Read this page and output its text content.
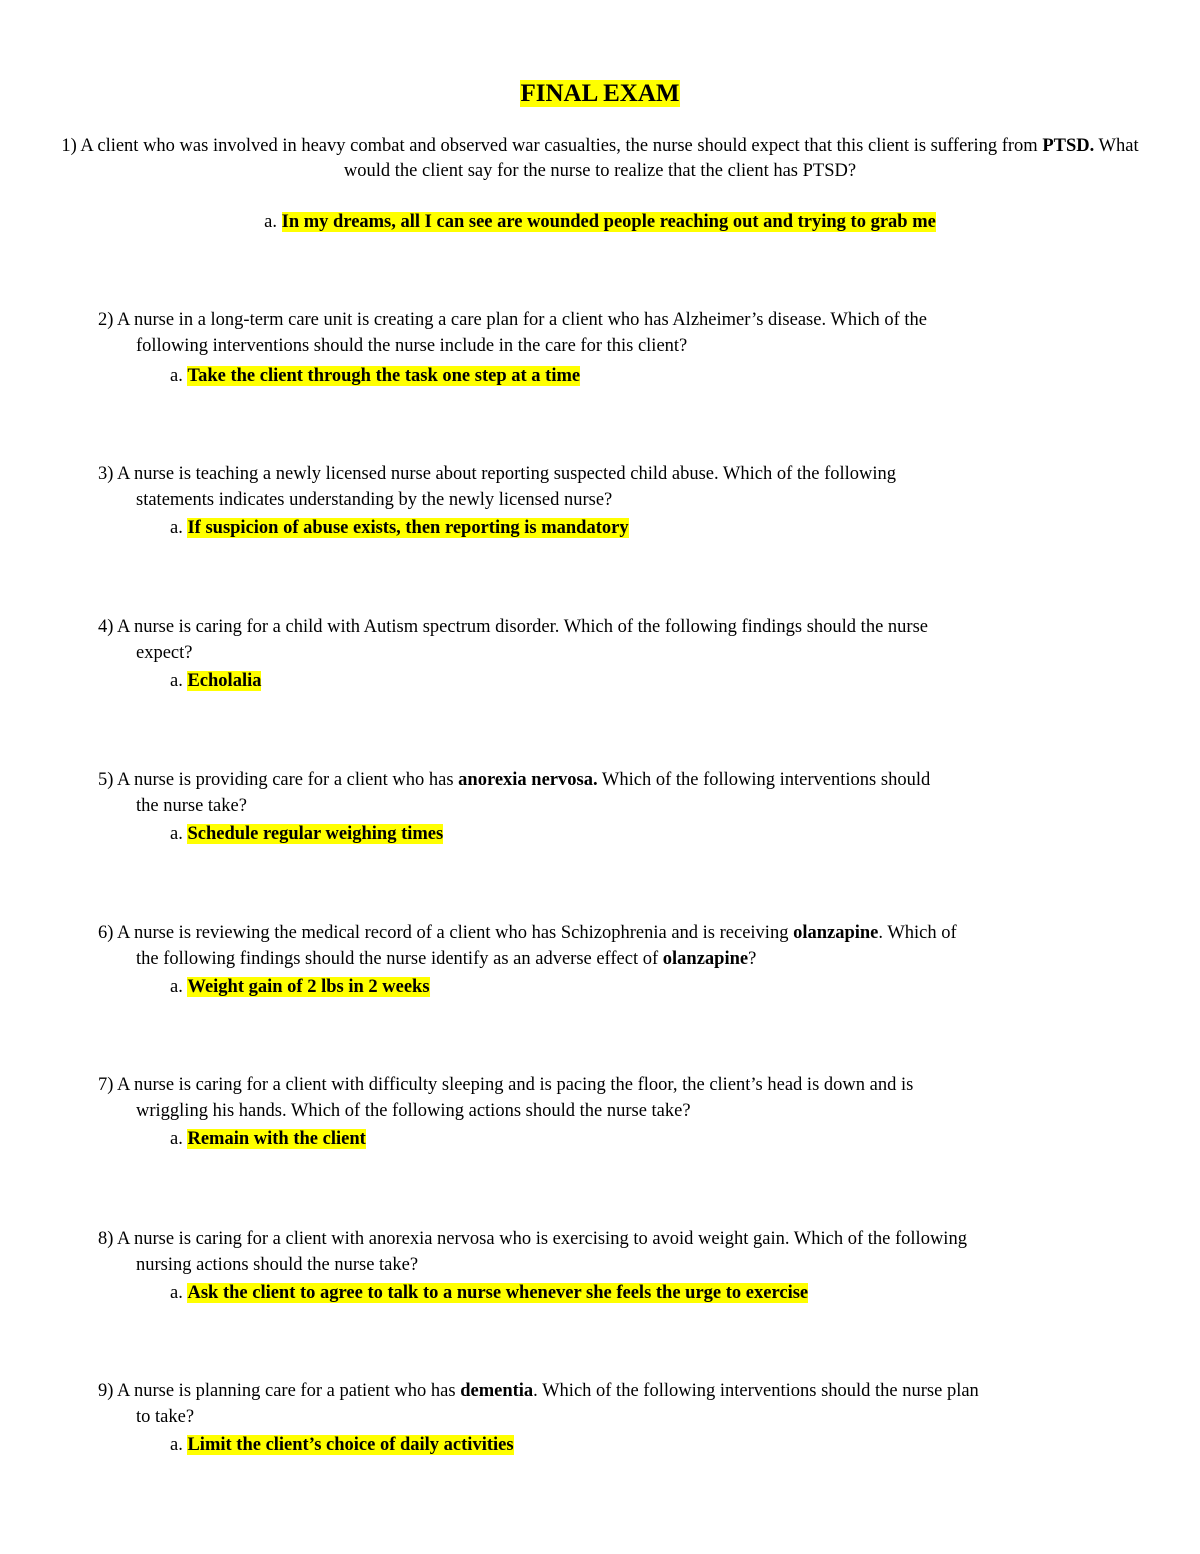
FINAL EXAM
1) A client who was involved in heavy combat and observed war casualties, the nurse should expect that this client is suffering from PTSD. What would the client say for the nurse to realize that the client has PTSD?
a. In my dreams, all I can see are wounded people reaching out and trying to grab me
2) A nurse in a long-term care unit is creating a care plan for a client who has Alzheimer’s disease. Which of the
following interventions should the nurse include in the care for this client?
a. Take the client through the task one step at a time
3) A nurse is teaching a newly licensed nurse about reporting suspected child abuse. Which of the following
statements indicates understanding by the newly licensed nurse?
a. If suspicion of abuse exists, then reporting is mandatory
4) A nurse is caring for a child with Autism spectrum disorder. Which of the following findings should the nurse
expect?
a. Echolalia
5) A nurse is providing care for a client who has anorexia nervosa. Which of the following interventions should
the nurse take?
a. Schedule regular weighing times
6) A nurse is reviewing the medical record of a client who has Schizophrenia and is receiving olanzapine. Which of
the following findings should the nurse identify as an adverse effect of olanzapine?
a. Weight gain of 2 lbs in 2 weeks
7) A nurse is caring for a client with difficulty sleeping and is pacing the floor, the client’s head is down and is
wriggling his hands. Which of the following actions should the nurse take?
a. Remain with the client
8) A nurse is caring for a client with anorexia nervosa who is exercising to avoid weight gain. Which of the following
nursing actions should the nurse take?
a. Ask the client to agree to talk to a nurse whenever she feels the urge to exercise
9) A nurse is planning care for a patient who has dementia. Which of the following interventions should the nurse plan
to take?
a. Limit the client’s choice of daily activities
